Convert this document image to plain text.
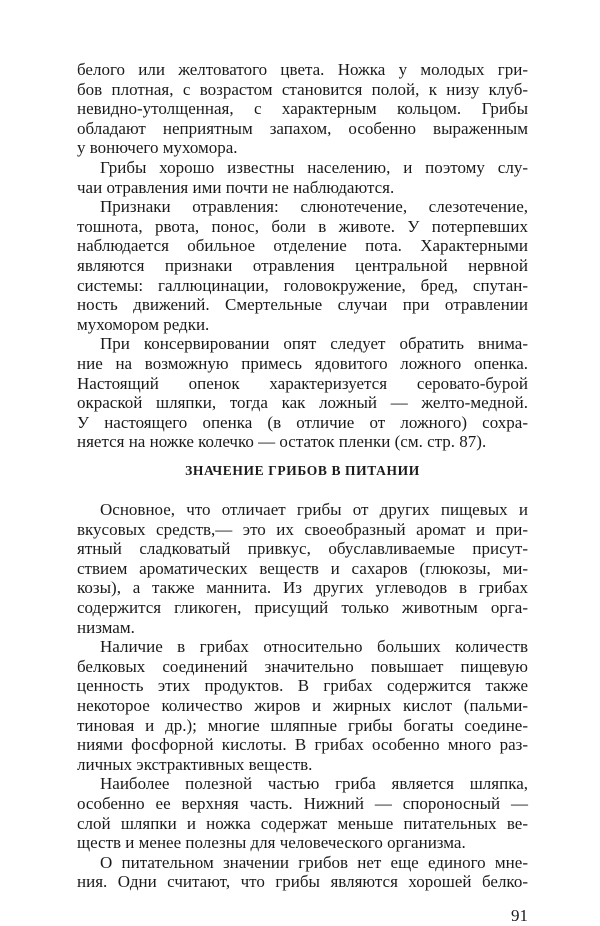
белого или желтоватого цвета. Ножка у молодых гри-
бов плотная, с возрастом становится полой, к низу клуб-
невидно-утолщенная, с характерным кольцом. Грибы
обладают неприятным запахом, особенно выраженным
у вонючего мухомора.
Грибы хорошо известны населению, и поэтому слу-
чаи отравления ими почти не наблюдаются.
Признаки отравления: слюнотечение, слезотечение,
тошнота, рвота, понос, боли в животе. У потерпевших
наблюдается обильное отделение пота. Характерными
являются признаки отравления центральной нервной
системы: галлюцинации, головокружение, бред, спутан-
ность движений. Смертельные случаи при отравлении
мухомором редки.
При консервировании опят следует обратить внима-
ние на возможную примесь ядовитого ложного опенка.
Настоящий опенок характеризуется серовато-бурой
окраской шляпки, тогда как ложный — желто-медной.
У настоящего опенка (в отличие от ложного) сохра-
няется на ножке колечко — остаток пленки (см. стр. 87).
ЗНАЧЕНИЕ ГРИБОВ В ПИТАНИИ
Основное, что отличает грибы от других пищевых и
вкусовых средств,— это их своеобразный аромат и при-
ятный сладковатый привкус, обуславливаемые присут-
ствием ароматических веществ и сахаров (глюкозы, ми-
козы), а также маннита. Из других углеводов в грибах
содержится гликоген, присущий только животным орга-
низмам.
Наличие в грибах относительно больших количеств
белковых соединений значительно повышает пищевую
ценность этих продуктов. В грибах содержится также
некоторое количество жиров и жирных кислот (пальми-
тиновая и др.); многие шляпные грибы богаты соедине-
ниями фосфорной кислоты. В грибах особенно много раз-
личных экстрактивных веществ.
Наиболее полезной частью гриба является шляпка,
особенно ее верхняя часть. Нижний — спороносный —
слой шляпки и ножка содержат меньше питательных ве-
ществ и менее полезны для человеческого организма.
О питательном значении грибов нет еще единого мне-
ния. Одни считают, что грибы являются хорошей белко-
91
